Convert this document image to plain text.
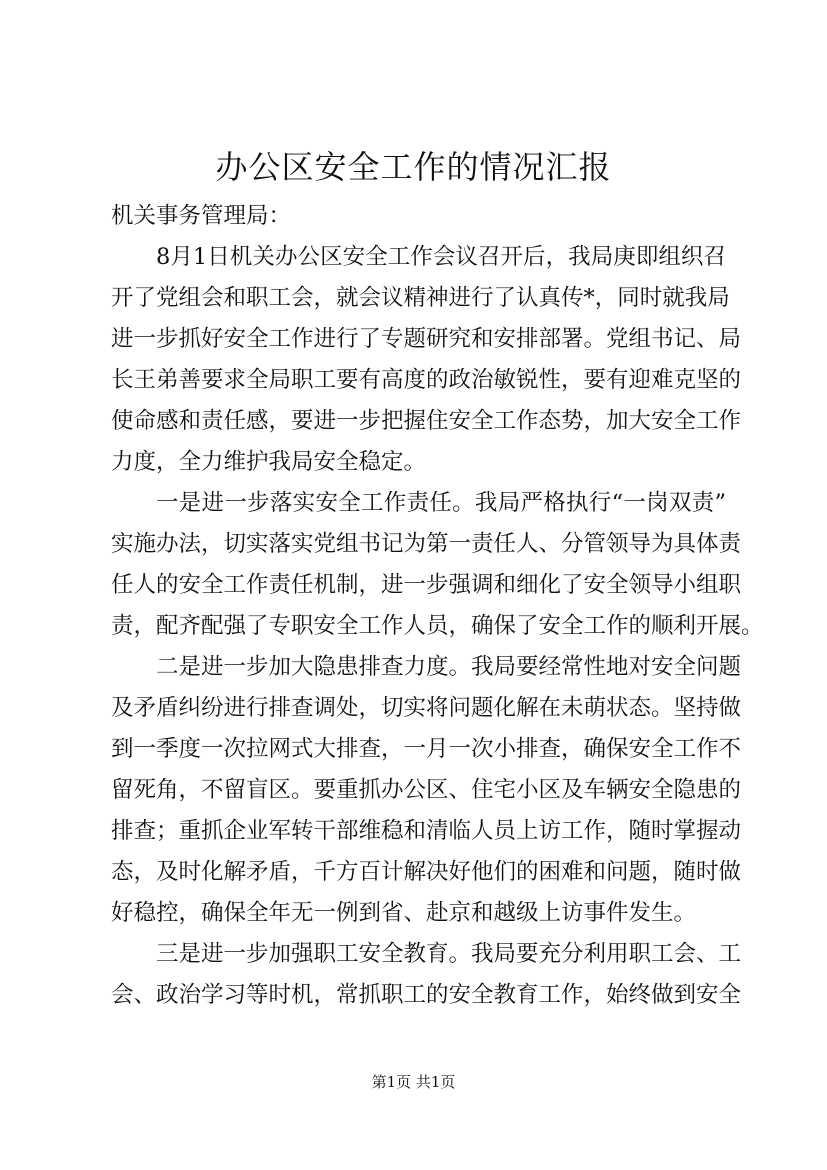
办公区安全工作的情况汇报
机关事务管理局：
8月1日机关办公区安全工作会议召开后，我局庚即组织召
开了党组会和职工会，就会议精神进行了认真传*，同时就我局
进一步抓好安全工作进行了专题研究和安排部署。党组书记、局
长王弟善要求全局职工要有高度的政治敏锐性，要有迎难克坚的
使命感和责任感，要进一步把握住安全工作态势，加大安全工作
力度，全力维护我局安全稳定。
一是进一步落实安全工作责任。我局严格执行“一岗双责”
实施办法，切实落实党组书记为第一责任人、分管领导为具体责
任人的安全工作责任机制，进一步强调和细化了安全领导小组职
责，配齐配强了专职安全工作人员，确保了安全工作的顺利开展。
二是进一步加大隐患排查力度。我局要经常性地对安全问题
及矛盾纠纷进行排查调处，切实将问题化解在未萌状态。坚持做
到一季度一次拉网式大排查，一月一次小排查，确保安全工作不
留死角，不留盲区。要重抓办公区、住宅小区及车辆安全隐患的
排查；重抓企业军转干部维稳和清临人员上访工作，随时掌握动
态，及时化解矛盾，千方百计解决好他们的困难和问题，随时做
好稳控，确保全年无一例到省、赴京和越级上访事件发生。
三是进一步加强职工安全教育。我局要充分利用职工会、工
会、政治学习等时机，常抓职工的安全教育工作，始终做到安全
第1页 共1页
